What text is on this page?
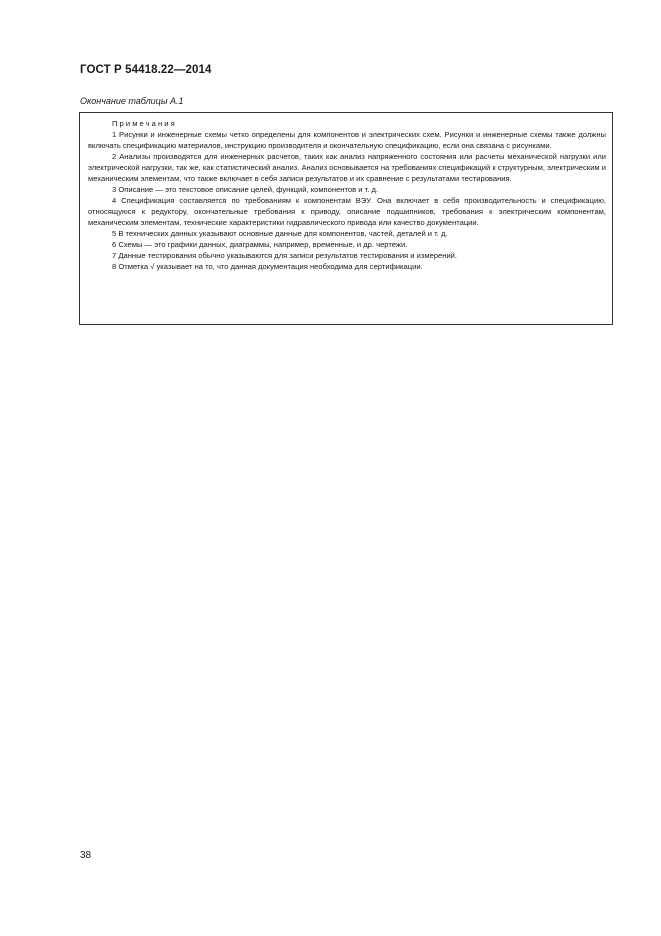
ГОСТ Р 54418.22—2014
Окончание таблицы А.1

Примечания

1 Рисунки и инженерные схемы четко определены для компонентов и электрических схем. Рисунки и инженерные схемы также должны включать спецификацию материалов, инструкцию производителя и окончательную спецификацию, если она связана с рисунками.

2 Анализы производятся для инженерных расчетов, таких как анализ напряженного состояния или расчеты механической нагрузки или электрической нагрузки, так же, как статистический анализ. Анализ основывается на требованиях спецификаций к структурным, электрическим и механическим элементам, что также включает в себя записи результатов и их сравнение с результатами тестирования.

3 Описание — это текстовое описание целей, функций, компонентов и т. д.

4 Спецификация составляется по требованиям к компонентам ВЭУ. Она включает в себя производительность и спецификацию, относящуюся к редуктору, окончательные требования к приводу, описание подшипников, требования к электрическим компонентам, механическим элементам, технические характеристики гидравлического привода или качество документации.

5 В технических данных указывают основные данные для компонентов, частей, деталей и т. д.

6 Схемы — это графики данных, диаграммы, например, временные, и др. чертежи.

7 Данные тестирования обычно указываются для записи результатов тестирования и измерений.

8 Отметка √ указывает на то, что данная документация необходима для сертификации.

38
